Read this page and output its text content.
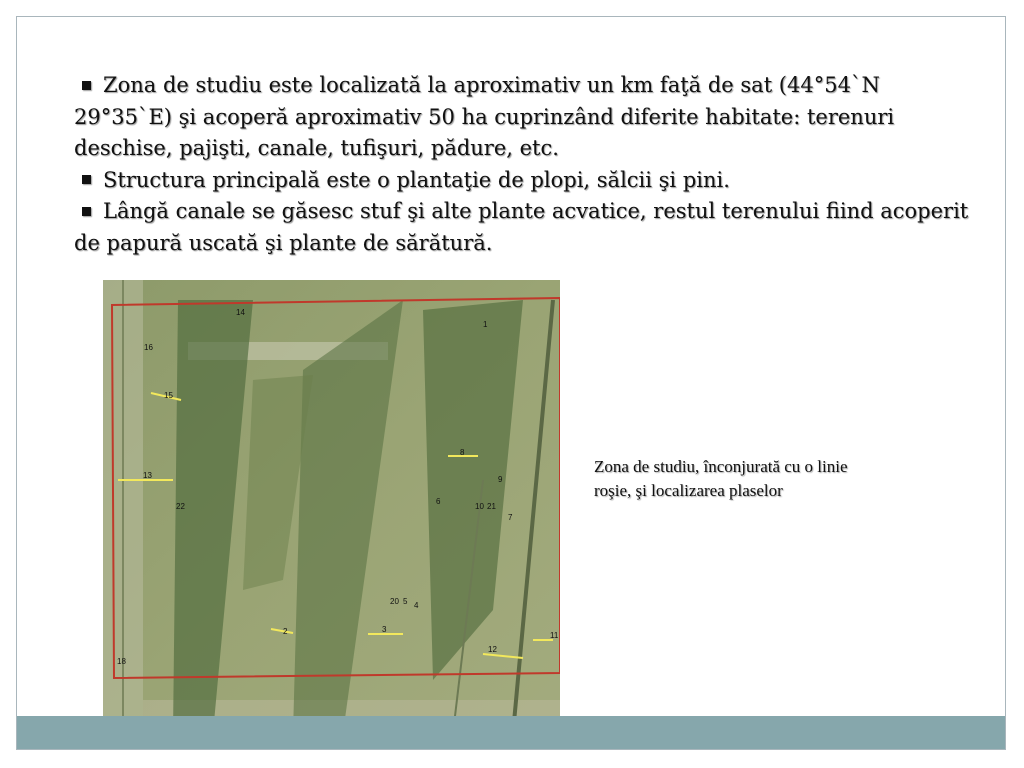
Zona de studiu este localizată la aproximativ un km faţă de sat (44°54`N 29°35`E) şi acoperă aproximativ 50 ha cuprinzând diferite habitate: terenuri deschise, pajişti, canale, tufişuri, pădure, etc.

Structura principală este o plantaţie de plopi, sălcii şi pini.

Lângă canale se găsesc stuf şi alte plante acvatice, restul terenului fiind acoperit de papură uscată şi plante de sărătură.

1
2	3
4
5
6
7
8
9
10
11
12
13
14
15
16
18
20
21
22
Zona de studiu, înconjurată cu o linie roşie, şi localizarea plaselor
